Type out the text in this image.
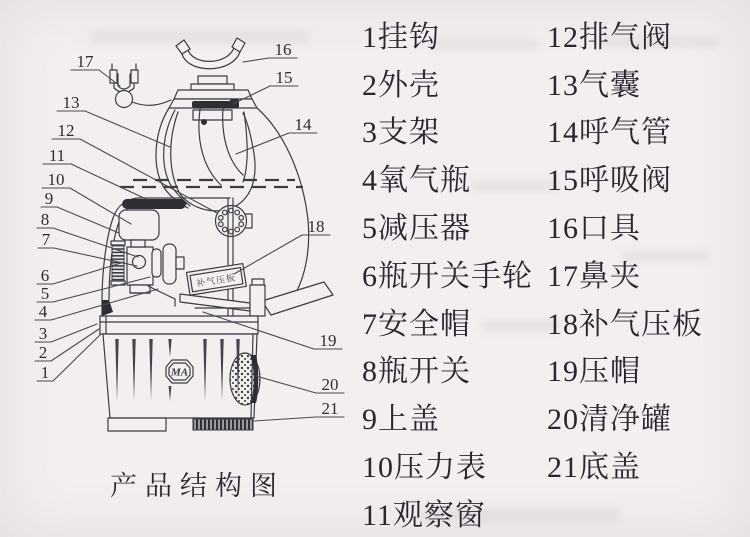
补气压板
MA
17
13
12
11
10
9
8
7
6
5
4
3
2
1
16
15
14
18
19
20
21
产品结构图
1挂钩
2外壳
3支架
4氧气瓶
5减压器
6瓶开关手轮
7安全帽
8瓶开关
9上盖
10压力表
11观察窗
12排气阀
13气囊
14呼气管
15呼吸阀
16口具
17鼻夹
18补气压板
19压帽
20清净罐
21底盖
